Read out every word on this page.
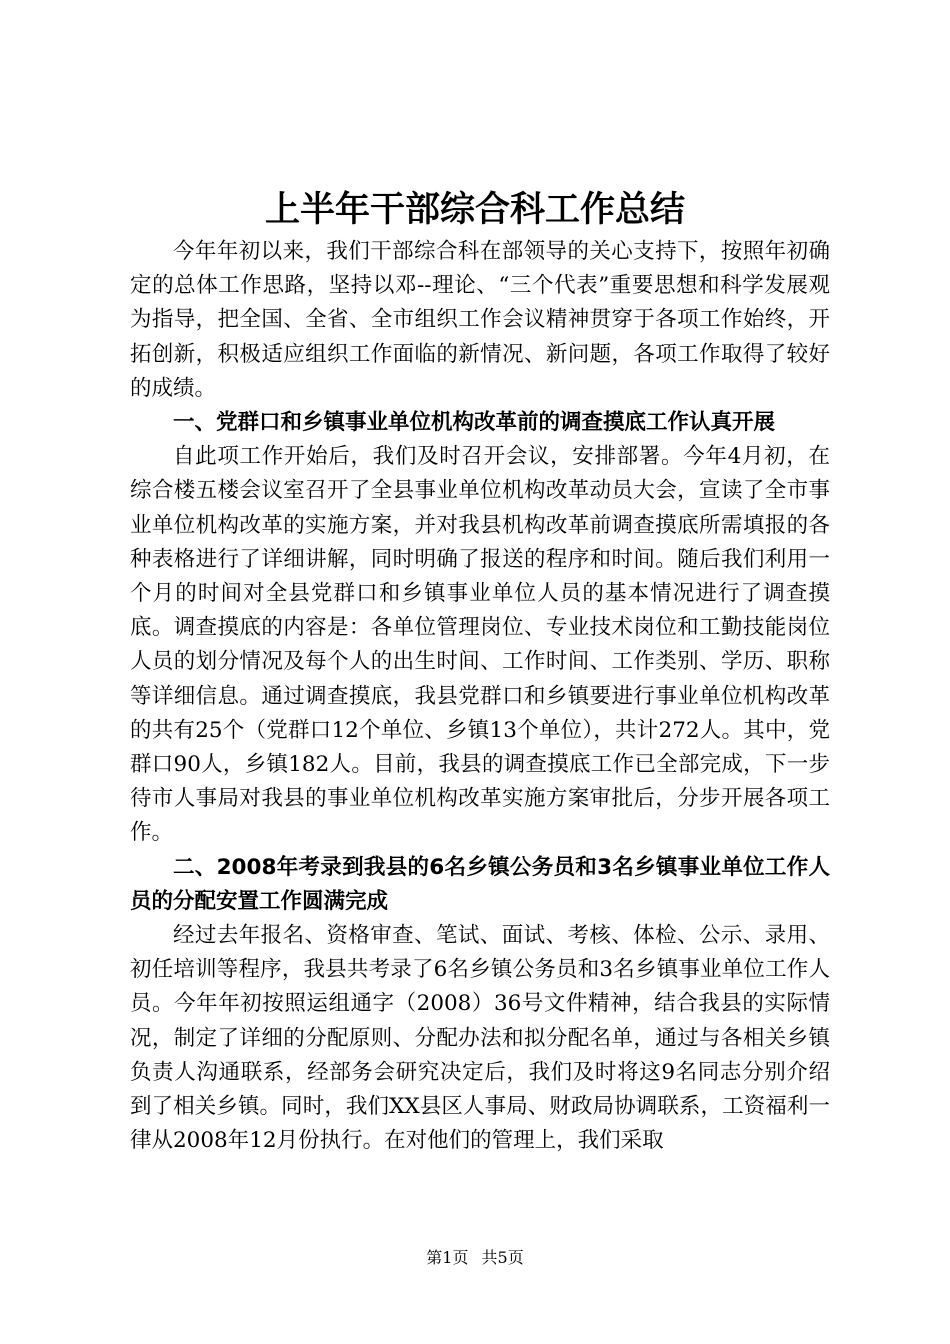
上半年干部综合科工作总结

今年年初以来，我们干部综合科在部领导的关心支持下，按照年初确定的总体工作思路，坚持以邓--理论、“三个代表”重要思想和科学发展观为指导，把全国、全省、全市组织工作会议精神贯穿于各项工作始终，开拓创新，积极适应组织工作面临的新情况、新问题，各项工作取得了较好的成绩。

一、党群口和乡镇事业单位机构改革前的调查摸底工作认真开展

自此项工作开始后，我们及时召开会议，安排部署。今年4月初，在综合楼五楼会议室召开了全县事业单位机构改革动员大会，宣读了全市事业单位机构改革的实施方案，并对我县机构改革前调查摸底所需填报的各种表格进行了详细讲解，同时明确了报送的程序和时间。随后我们利用一个月的时间对全县党群口和乡镇事业单位人员的基本情况进行了调查摸底。调查摸底的内容是：各单位管理岗位、专业技术岗位和工勤技能岗位人员的划分情况及每个人的出生时间、工作时间、工作类别、学历、职称等详细信息。通过调查摸底，我县党群口和乡镇要进行事业单位机构改革的共有25个（党群口12个单位、乡镇13个单位），共计272人。其中，党群口90人，乡镇182人。目前，我县的调查摸底工作已全部完成，下一步待市人事局对我县的事业单位机构改革实施方案审批后，分步开展各项工作。

二、2008年考录到我县的6名乡镇公务员和3名乡镇事业单位工作人员的分配安置工作圆满完成

经过去年报名、资格审查、笔试、面试、考核、体检、公示、录用、初任培训等程序，我县共考录了6名乡镇公务员和3名乡镇事业单位工作人员。今年年初按照运组通字（2008）36号文件精神，结合我县的实际情况，制定了详细的分配原则、分配办法和拟分配名单，通过与各相关乡镇负责人沟通联系，经部务会研究决定后，我们及时将这9名同志分别介绍到了相关乡镇。同时，我们XX县区人事局、财政局协调联系，工资福利一律从2008年12月份执行。在对他们的管理上，我们采取

第1页 共5页
